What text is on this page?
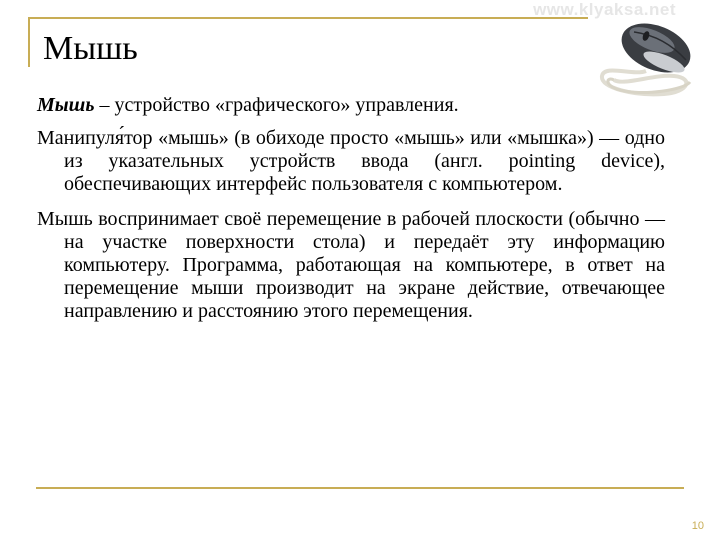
www.klyaksa.net
Мышь

Мышь – устройство «графического» управления.

Манипуля́тор «мышь» (в обиходе просто «мышь» или «мышка») — одно из указательных устройств ввода (англ. pointing device), обеспечивающих интерфейс пользователя с компьютером.

Мышь воспринимает своё перемещение в рабочей плоскости (обычно — на участке поверхности стола) и передаёт эту информацию компьютеру. Программа, работающая на компьютере, в ответ на перемещение мыши производит на экране действие, отвечающее направлению и расстоянию этого перемещения.

10
